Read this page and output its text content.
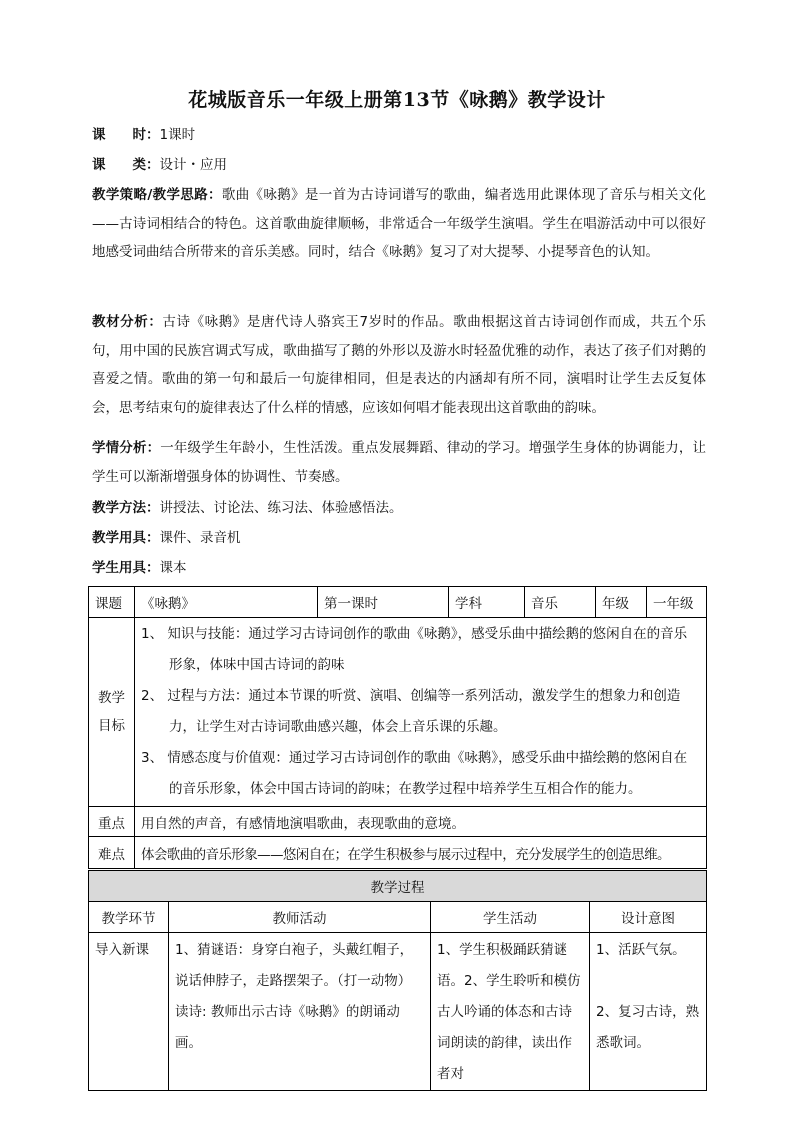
花城版音乐一年级上册第13节《咏鹅》教学设计
课　　时：1课时
课　　类：设计・应用
教学策略/教学思路：歌曲《咏鹅》是一首为古诗词谱写的歌曲，编者选用此课体现了音乐与相关文化——古诗词相结合的特色。这首歌曲旋律顺畅，非常适合一年级学生演唱。学生在唱游活动中可以很好地感受词曲结合所带来的音乐美感。同时，结合《咏鹅》复习了对大提琴、小提琴音色的认知。
教材分析：古诗《咏鹅》是唐代诗人骆宾王7岁时的作品。歌曲根据这首古诗词创作而成，共五个乐句，用中国的民族宫调式写成，歌曲描写了鹅的外形以及游水时轻盈优雅的动作，表达了孩子们对鹅的喜爱之情。歌曲的第一句和最后一句旋律相同，但是表达的内涵却有所不同，演唱时让学生去反复体会，思考结束句的旋律表达了什么样的情感，应该如何唱才能表现出这首歌曲的韵味。
学情分析：一年级学生年龄小，生性活泼。重点发展舞蹈、律动的学习。增强学生身体的协调能力，让学生可以渐渐增强身体的协调性、节奏感。
教学方法：讲授法、讨论法、练习法、体验感悟法。
教学用具：课件、录音机
学生用具：课本
课题	《咏鹅》	第一课时	学科	音乐	年级	一年级
教学目标	1、 知识与技能：通过学习古诗词创作的歌曲《咏鹅》，感受乐曲中描绘鹅的悠闲自在的音乐形象，体味中国古诗词的韵味
2、 过程与方法：通过本节课的听赏、演唱、创编等一系列活动，激发学生的想象力和创造力，让学生对古诗词歌曲感兴趣，体会上音乐课的乐趣。
3、 情感态度与价值观：通过学习古诗词创作的歌曲《咏鹅》，感受乐曲中描绘鹅的悠闲自在的音乐形象，体会中国古诗词的韵味；在教学过程中培养学生互相合作的能力。					

重点	用自然的声音，有感情地演唱歌曲，表现歌曲的意境。					
难点	体会歌曲的音乐形象——悠闲自在；在学生积极参与展示过程中，充分发展学生的创造思维。					
教学过程			
教学环节	教师活动	学生活动	设计意图
导入新课	1、猜谜语：身穿白袍子，头戴红帽子，说话伸脖子，走路摆架子。（打一动物）读诗: 教师出示古诗《咏鹅》的朗诵动画。	1、学生积极踊跃猜谜语。2、学生聆听和模仿古人吟诵的体态和古诗词朗读的韵律，读出作者对	1、活跃气氛。
2、复习古诗，熟悉歌词。
